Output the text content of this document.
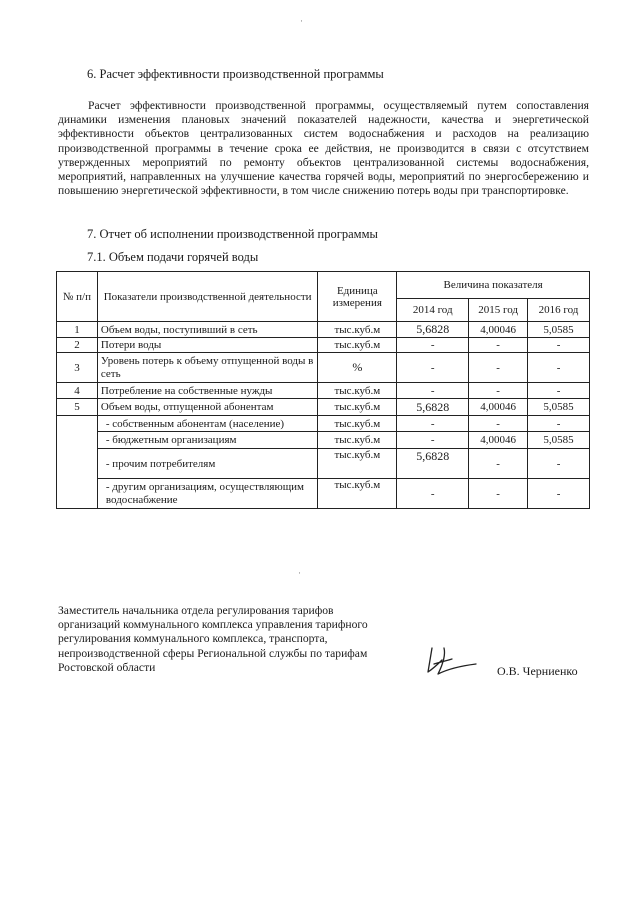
·
6. Расчет эффективности производственной программы

Расчет эффективности производственной программы, осуществляемый путем сопоставления динамики изменения плановых значений показателей надежности, качества и энергетической эффективности объектов централизованных систем водоснабжения и расходов на реализацию производственной программы в течение срока ее действия, не производится в связи с отсутствием утвержденных мероприятий по ремонту объектов централизованной системы водоснабжения, мероприятий, направленных на улучшение качества горячей воды, мероприятий по энергосбережению и повышению энергетической эффективности, в том числе снижению потерь воды при транспортировке.

7. Отчет об исполнении производственной программы
7.1. Объем подачи горячей воды
№ п/п	Показатели производственной деятельности	Единица измерения	Величина показателя		
			2014 год	2015 год	2016 год
1	Объем воды, поступивший в сеть	тыс.куб.м	5,6828	4,00046	5,0585
2	Потери воды	тыс.куб.м	-	-	-
3	Уровень потерь к объему отпущенной воды в сеть	%	-	-	-
4	Потребление на собственные нужды	тыс.куб.м	-	-	-
5	Объем воды, отпущенной абонентам	тыс.куб.м	5,6828	4,00046	5,0585
	- собственным абонентам (население)	тыс.куб.м	-	-	-
	- бюджетным организациям	тыс.куб.м	-	4,00046	5,0585
	- прочим потребителям	тыс.куб.м	5,6828	-	-
	- другим организациям, осуществляющим водоснабжение	тыс.куб.м	-	-	-
·
Заместитель начальника отдела регулирования тарифов
организаций коммунального комплекса управления тарифного
регулирования коммунального комплекса, транспорта,
непроизводственной сферы Региональной службы по тарифам
Ростовской области	О.В. Черниенко
